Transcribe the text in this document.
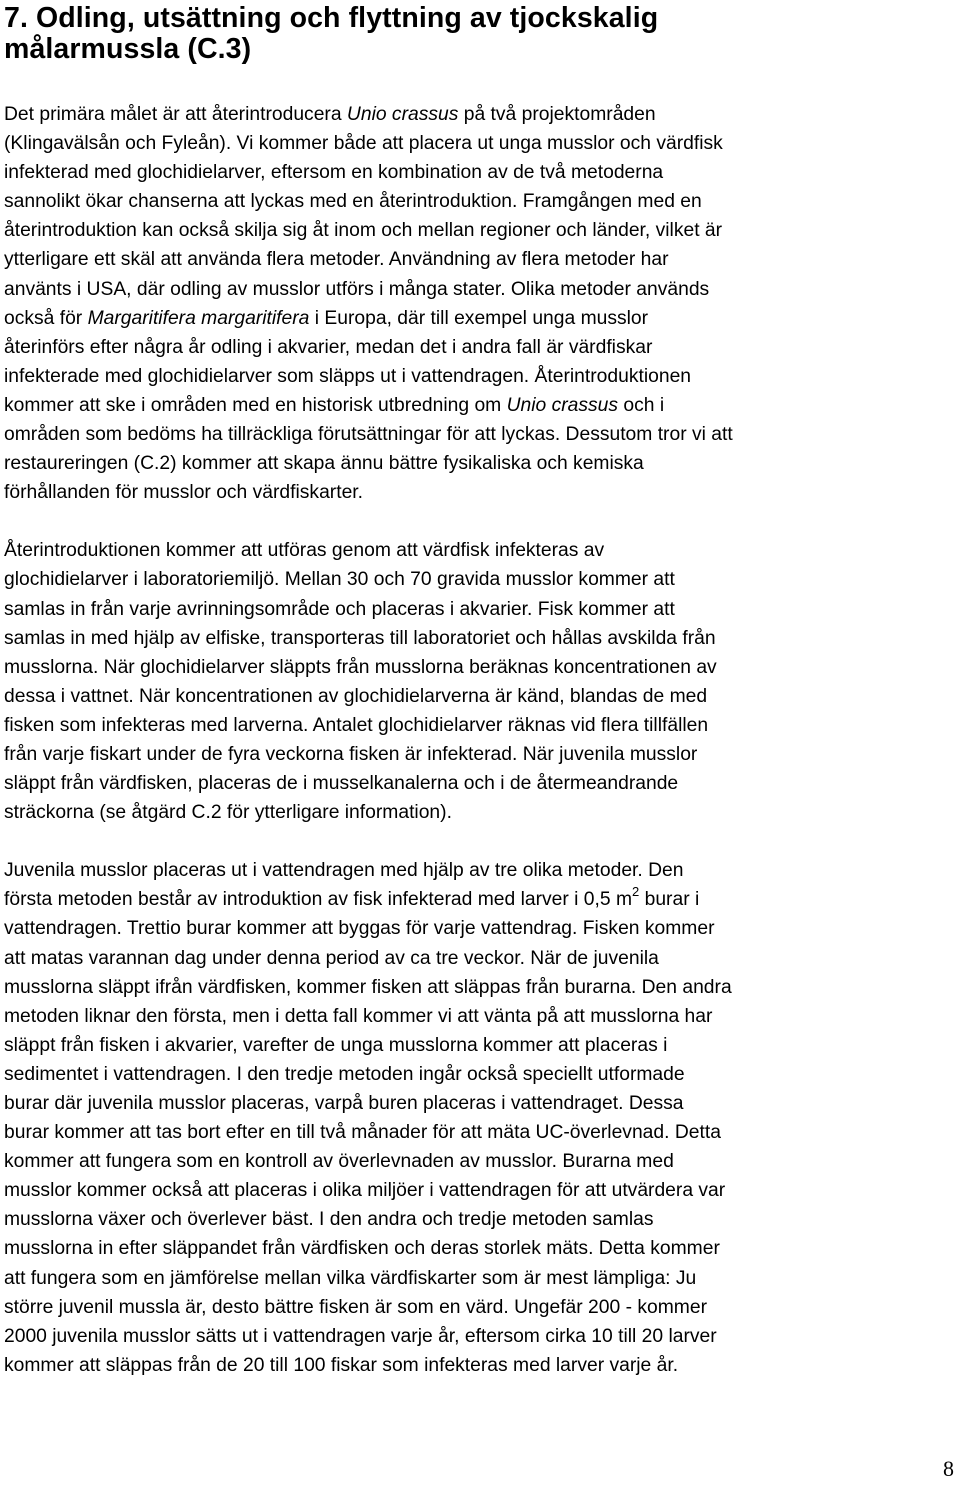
7. Odling, utsättning och flyttning av tjockskalig
målarmussla (C.3)

Det primära målet är att återintroducera Unio crassus på två projektområden
(Klingavälsån och Fyleån). Vi kommer både att placera ut unga musslor och värdfisk
infekterad med glochidielarver, eftersom en kombination av de två metoderna
sannolikt ökar chanserna att lyckas med en återintroduktion. Framgången med en
återintroduktion kan också skilja sig åt inom och mellan regioner och länder, vilket är
ytterligare ett skäl att använda flera metoder. Användning av flera metoder har
använts i USA, där odling av musslor utförs i många stater. Olika metoder används
också för Margaritifera margaritifera i Europa, där till exempel unga musslor
återinförs efter några år odling i akvarier, medan det i andra fall är värdfiskar
infekterade med glochidielarver som släpps ut i vattendragen. Återintroduktionen
kommer att ske i områden med en historisk utbredning om Unio crassus och i
områden som bedöms ha tillräckliga förutsättningar för att lyckas. Dessutom tror vi att
restaureringen (C.2) kommer att skapa ännu bättre fysikaliska och kemiska
förhållanden för musslor och värdfiskarter.

Återintroduktionen kommer att utföras genom att värdfisk infekteras av
glochidielarver i laboratoriemiljö. Mellan 30 och 70 gravida musslor kommer att
samlas in från varje avrinningsområde och placeras i akvarier. Fisk kommer att
samlas in med hjälp av elfiske, transporteras till laboratoriet och hållas avskilda från
musslorna. När glochidielarver släppts från musslorna beräknas koncentrationen av
dessa i vattnet. När koncentrationen av glochidielarverna är känd, blandas de med
fisken som infekteras med larverna. Antalet glochidielarver räknas vid flera tillfällen
från varje fiskart under de fyra veckorna fisken är infekterad. När juvenila musslor
släppt från värdfisken, placeras de i musselkanalerna och i de återmeandrande
sträckorna (se åtgärd C.2 för ytterligare information).

Juvenila musslor placeras ut i vattendragen med hjälp av tre olika metoder. Den
första metoden består av introduktion av fisk infekterad med larver i 0,5 $m^2$ burar i
vattendragen. Trettio burar kommer att byggas för varje vattendrag. Fisken kommer
att matas varannan dag under denna period av ca tre veckor. När de juvenila
musslorna släppt ifrån värdfisken, kommer fisken att släppas från burarna. Den andra
metoden liknar den första, men i detta fall kommer vi att vänta på att musslorna har
släppt från fisken i akvarier, varefter de unga musslorna kommer att placeras i
sedimentet i vattendragen. I den tredje metoden ingår också speciellt utformade
burar där juvenila musslor placeras, varpå buren placeras i vattendraget. Dessa
burar kommer att tas bort efter en till två månader för att mäta UC-överlevnad. Detta
kommer att fungera som en kontroll av överlevnaden av musslor. Burarna med
musslor kommer också att placeras i olika miljöer i vattendragen för att utvärdera var
musslorna växer och överlever bäst. I den andra och tredje metoden samlas
musslorna in efter släppandet från värdfisken och deras storlek mäts. Detta kommer
att fungera som en jämförelse mellan vilka värdfiskarter som är mest lämpliga: Ju
större juvenil mussla är, desto bättre fisken är som en värd. Ungefär 200 - kommer
2000 juvenila musslor sätts ut i vattendragen varje år, eftersom cirka 10 till 20 larver
kommer att släppas från de 20 till 100 fiskar som infekteras med larver varje år.

8
